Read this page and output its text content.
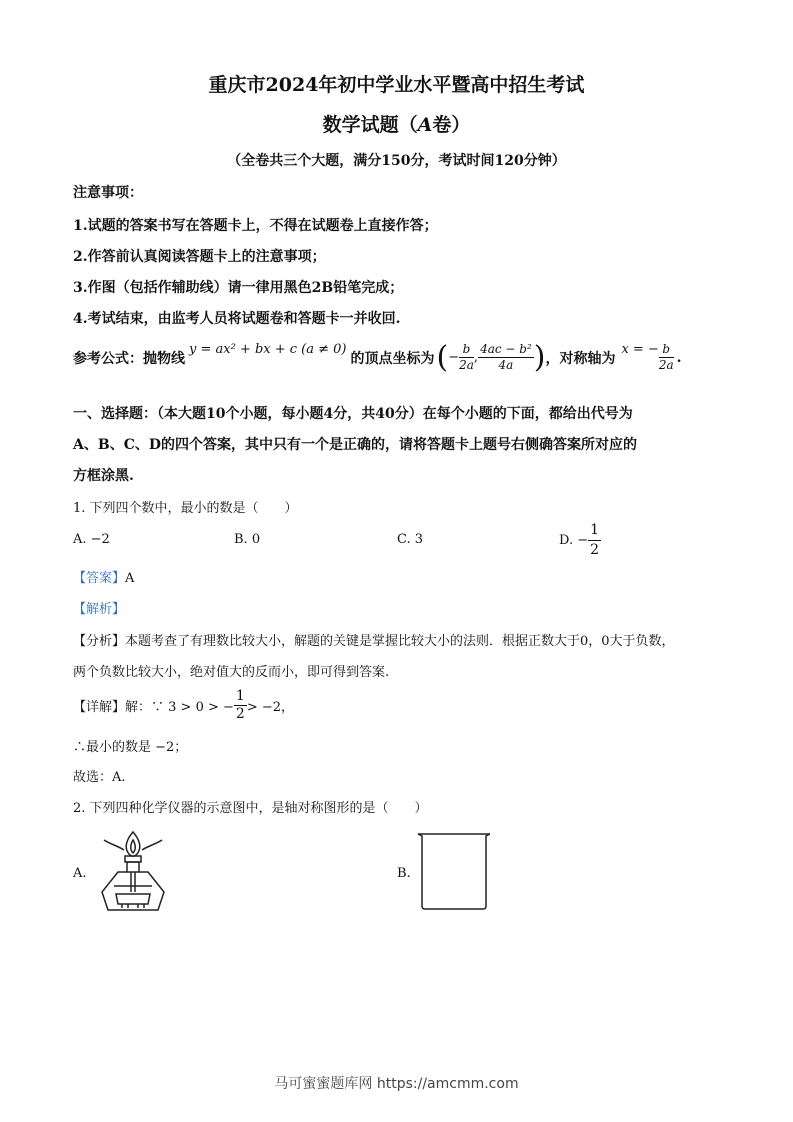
重庆市2024年初中学业水平暨高中招生考试
数学试题（A卷）
（全卷共三个大题，满分150分，考试时间120分钟）
注意事项：
1.试题的答案书写在答题卡上，不得在试题卷上直接作答；
2.作答前认真阅读答题卡上的注意事项；
3.作图（包括作辅助线）请一律用黑色2B铅笔完成；
4.考试结束，由监考人员将试题卷和答题卡一并收回.
参考公式：抛物线
y = ax² + bx + c (a ≠ 0)
的顶点坐标为 ( − $\frac{b}{2a}$ , $\frac{\text{4ac − b²}}{4a}$ ) ，对称轴为
x = − $\frac{b}{2a}$ .
一、选择题：（本大题10个小题，每小题4分，共40分）在每个小题的下面，都给出代号为
A、B、C、D的四个答案，其中只有一个是正确的，请将答题卡上题号右侧确答案所对应的
方框涂黑.
1. 下列四个数中，最小的数是（　　）
A. −2	B. 0	C. 3	D. − $\frac{1}{2}$
【答案】A
【解析】
【分析】本题考查了有理数比较大小，解题的关键是掌握比较大小的法则．根据正数大于0，0大于负数，
两个负数比较大小，绝对值大的反而小，即可得到答案.
【详解】 解：∵ 3 > 0 > − $\frac{1}{2} > -2$，
∴最小的数是 −2；
故选：A.
2. 下列四种化学仪器的示意图中，是轴对称图形的是（　　）
A.	B.
马可蜜蜜题库网 https://amcmm.com
